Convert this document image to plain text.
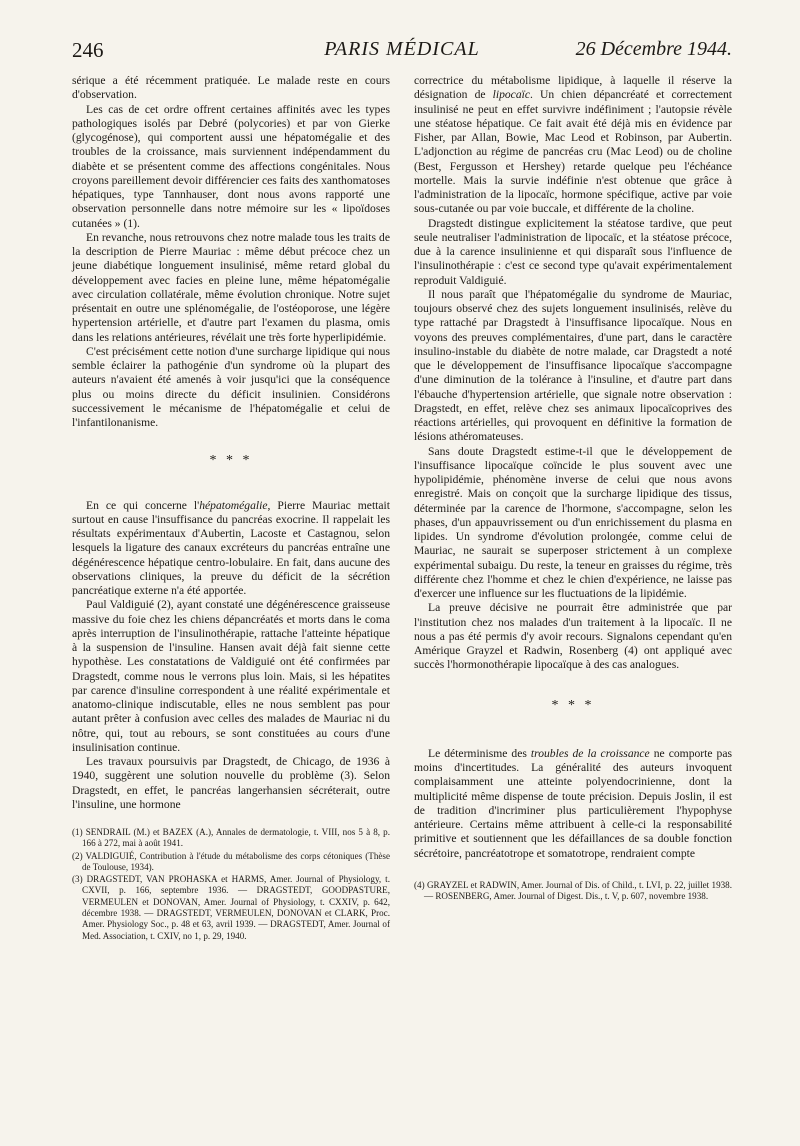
246	PARIS MÉDICAL	26 Décembre 1944.

sérique a été récemment pratiquée. Le malade reste en cours d'observation.

Les cas de cet ordre offrent certaines affinités avec les types pathologiques isolés par Debré (polycories) et par von Gierke (glycogénose), qui comportent aussi une hépatomégalie et des troubles de la croissance, mais surviennent indépendamment du diabète et se présentent comme des affections congénitales. Nous croyons pareillement devoir différencier ces faits des xanthomatoses hépatiques, type Tannhauser, dont nous avons rapporté une observation personnelle dans notre mémoire sur les « lipoïdoses cutanées » (1).

En revanche, nous retrouvons chez notre malade tous les traits de la description de Pierre Mauriac : même début précoce chez un jeune diabétique longuement insulinisé, même retard global du développement avec facies en pleine lune, même hépatomégalie avec circulation collatérale, même évolution chronique. Notre sujet présentait en outre une splénomégalie, de l'ostéoporose, une légère hypertension artérielle, et d'autre part l'examen du plasma, omis dans les relations antérieures, révélait une très forte hyperlipidémie.

C'est précisément cette notion d'une surcharge lipidique qui nous semble éclairer la pathogénie d'un syndrome où la plupart des auteurs n'avaient été amenés à voir jusqu'ici que la conséquence plus ou moins directe du déficit insulinien. Considérons successivement le mécanisme de l'hépatomégalie et celui de l'infantilonanisme.

* * *

En ce qui concerne l'hépatomégalie, Pierre Mauriac mettait surtout en cause l'insuffisance du pancréas exocrine. Il rappelait les résultats expérimentaux d'Aubertin, Lacoste et Castagnou, selon lesquels la ligature des canaux excréteurs du pancréas entraîne une dégénérescence hépatique centro-lobulaire. En fait, dans aucune des observations cliniques, la preuve du déficit de la sécrétion pancréatique externe n'a été apportée.

Paul Valdiguié (2), ayant constaté une dégénérescence graisseuse massive du foie chez les chiens dépancréatés et morts dans le coma après interruption de l'insulinothérapie, rattache l'atteinte hépatique à la suspension de l'insuline. Hansen avait déjà fait sienne cette hypothèse. Les constatations de Valdiguié ont été confirmées par Dragstedt, comme nous le verrons plus loin. Mais, si les hépatites par carence d'insuline correspondent à une réalité expérimentale et anatomo-clinique indiscutable, elles ne nous semblent pas pour autant prêter à confusion avec celles des malades de Mauriac ni du nôtre, qui, tout au rebours, se sont constituées au cours d'une insulinisation continue.

Les travaux poursuivis par Dragstedt, de Chicago, de 1936 à 1940, suggèrent une solution nouvelle du problème (3). Selon Dragstedt, en effet, le pancréas langerhansien sécréterait, outre l'insuline, une hormone

(1) SENDRAIL (M.) et BAZEX (A.), Annales de dermatologie, t. VIII, nos 5 à 8, p. 166 à 272, mai à août 1941.

(2) VALDIGUIÉ, Contribution à l'étude du métabolisme des corps cétoniques (Thèse de Toulouse, 1934).

(3) DRAGSTEDT, VAN PROHASKA et HARMS, Amer. Journal of Physiology, t. CXVII, p. 166, septembre 1936. — DRAGSTEDT, GOODPASTURE, VERMEULEN et DONOVAN, Amer. Journal of Physiology, t. CXXIV, p. 642, décembre 1938. — DRAGSTEDT, VERMEULEN, DONOVAN et CLARK, Proc. Amer. Physiology Soc., p. 48 et 63, avril 1939. — DRAGSTEDT, Amer. Journal of Med. Association, t. CXIV, no 1, p. 29, 1940.

correctrice du métabolisme lipidique, à laquelle il réserve la désignation de lipocaïc. Un chien dépancréaté et correctement insulinisé ne peut en effet survivre indéfiniment ; l'autopsie révèle une stéatose hépatique. Ce fait avait été déjà mis en évidence par Fisher, par Allan, Bowie, Mac Leod et Robinson, par Aubertin. L'adjonction au régime de pancréas cru (Mac Leod) ou de choline (Best, Fergusson et Hershey) retarde quelque peu l'échéance mortelle. Mais la survie indéfinie n'est obtenue que grâce à l'administration de la lipocaïc, hormone spécifique, active par voie sous-cutanée ou par voie buccale, et différente de la choline.

Dragstedt distingue explicitement la stéatose tardive, que peut seule neutraliser l'administration de lipocaïc, et la stéatose précoce, due à la carence insulinienne et qui disparaît sous l'influence de l'insulinothérapie : c'est ce second type qu'avait expérimentalement reproduit Valdiguié.

Il nous paraît que l'hépatomégalie du syndrome de Mauriac, toujours observé chez des sujets longuement insulinisés, relève du type rattaché par Dragstedt à l'insuffisance lipocaïque. Nous en voyons des preuves complémentaires, d'une part, dans le caractère insulino-instable du diabète de notre malade, car Dragstedt a noté que le développement de l'insuffisance lipocaïque s'accompagne d'une diminution de la tolérance à l'insuline, et d'autre part dans l'ébauche d'hypertension artérielle, que signale notre observation : Dragstedt, en effet, relève chez ses animaux lipocaïcoprives des réactions artérielles, qui provoquent en définitive la formation de lésions athéromateuses.

Sans doute Dragstedt estime-t-il que le développement de l'insuffisance lipocaïque coïncide le plus souvent avec une hypolipidémie, phénomène inverse de celui que nous avons enregistré. Mais on conçoit que la surcharge lipidique des tissus, déterminée par la carence de l'hormone, s'accompagne, selon les phases, d'un appauvrissement ou d'un enrichissement du plasma en lipides. Un syndrome d'évolution prolongée, comme celui de Mauriac, ne saurait se superposer strictement à un complexe expérimental subaigu. Du reste, la teneur en graisses du régime, très différente chez l'homme et chez le chien d'expérience, ne laisse pas d'exercer une influence sur les fluctuations de la lipidémie.

La preuve décisive ne pourrait être administrée que par l'institution chez nos malades d'un traitement à la lipocaïc. Il ne nous a pas été permis d'y avoir recours. Signalons cependant qu'en Amérique Grayzel et Radwin, Rosenberg (4) ont appliqué avec succès l'hormonothérapie lipocaïque à des cas analogues.

* * *

Le déterminisme des troubles de la croissance ne comporte pas moins d'incertitudes. La généralité des auteurs invoquent complaisamment une atteinte polyendocrinienne, dont la multiplicité même dispense de toute précision. Depuis Joslin, il est de tradition d'incriminer plus particulièrement l'hypophyse antérieure. Certains même attribuent à celle-ci la responsabilité primitive et soutiennent que les défaillances de sa double fonction sécrétoire, pancréatotrope et somatotrope, rendraient compte

(4) GRAYZEL et RADWIN, Amer. Journal of Dis. of Child., t. LVI, p. 22, juillet 1938. — ROSENBERG, Amer. Journal of Digest. Dis., t. V, p. 607, novembre 1938.
